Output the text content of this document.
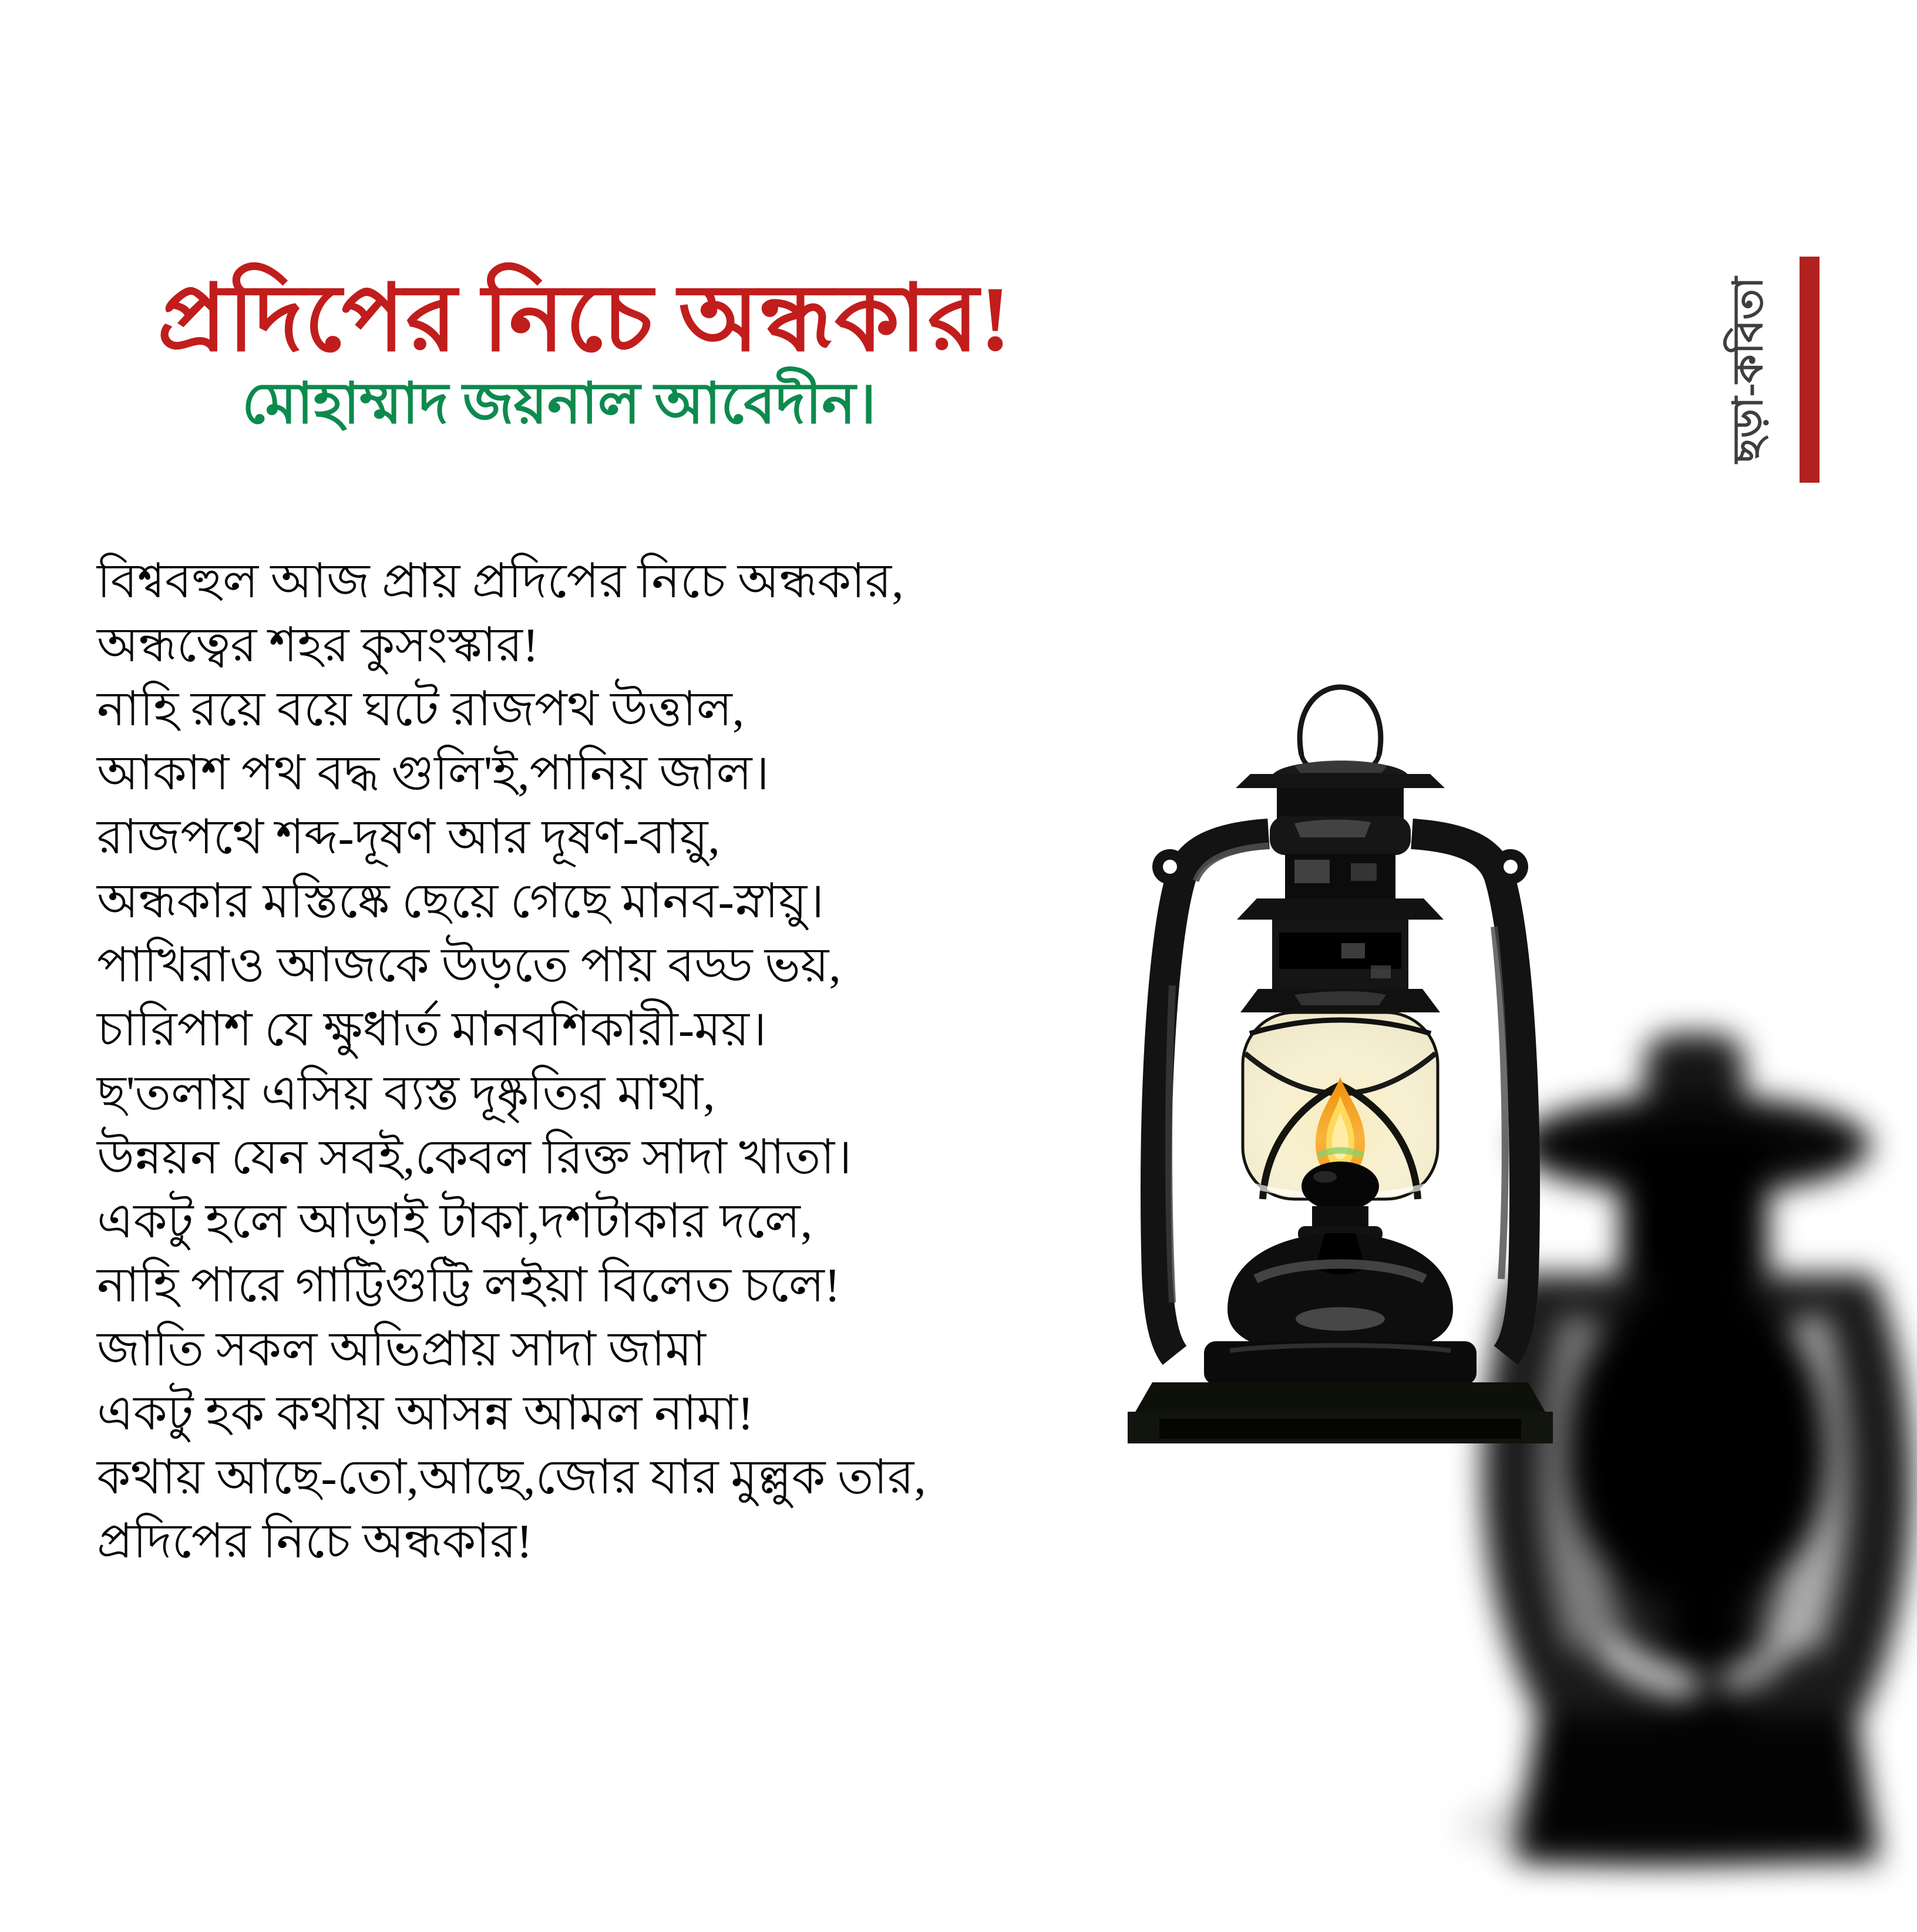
প্রদিপের নিচে অন্ধকার!
মোহাম্মাদ জয়নাল আবেদীন।	ছড়া-কবিতা
বিশ্ববহুল আজ প্রায় প্রদিপের নিচে অন্ধকার,
অন্ধত্বের শহর কুসংস্কার!
নাহি রয়ে বয়ে ঘটে রাজপথ উত্তাল,
আকাশ পথ বদ্ধ গুলি'ই,পানিয় জাল।
রাজপথে শব্দ-দূষণ আর দূষণ-বায়ু,
অন্ধকার মস্তিষ্কে ছেয়ে গেছে মানব-স্নায়ু।
পাখিরাও আজকে উড়তে পায় বড্ড ভয়,
চারিপাশ যে ক্ষুধার্ত মানবশিকারী-ময়।
ছ'তলায় এসিয় ব্যস্ত দূষ্কৃতির মাথা,
উন্নয়ন যেন সবই,কেবল রিক্ত সাদা খাতা।
একটু হলে আড়াই টাকা,দশটাকার দলে,
নাহি পারে গাট্টিগুট্টি লইয়া বিলেত চলে!
জাতি সকল অভিপ্রায় সাদা জামা
একটু হক কথায় আসন্ন আমল নামা!
কথায় আছে-তো,আছে,জোর যার মুল্লুক তার,
প্রদিপের নিচে অন্ধকার!
